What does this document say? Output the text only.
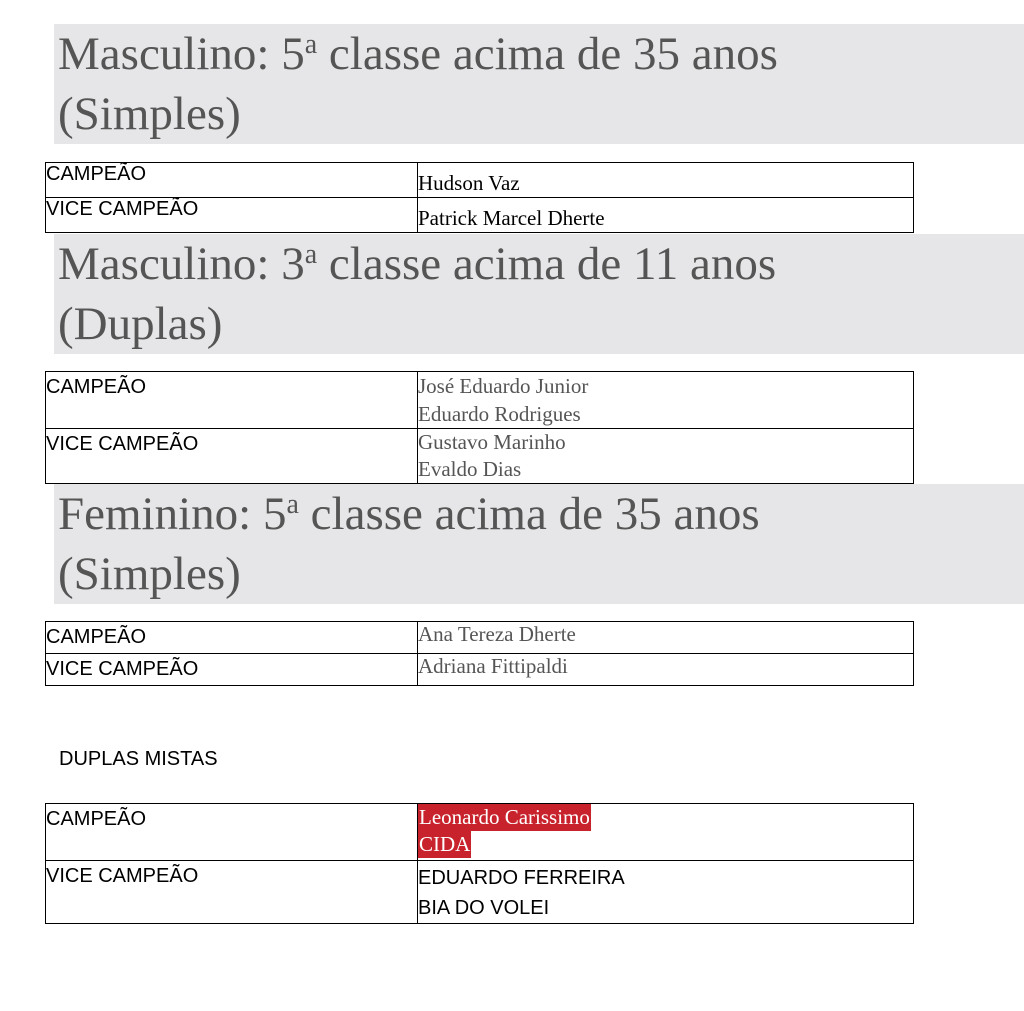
Masculino: 5$^a$ classe acima de 35 anos
(Simples)
CAMPEÃO	Hudson Vaz

VICE CAMPEÃO	Patrick Marcel Dherte
Masculino: 3$^a$ classe acima de 11 anos
(Duplas)
CAMPEÃO	José Eduardo Junior
Eduardo Rodrigues

VICE CAMPEÃO	Gustavo Marinho
Evaldo Dias
Feminino: 5$^a$ classe acima de 35 anos
(Simples)
CAMPEÃO	Ana Tereza Dherte

VICE CAMPEÃO	Adriana Fittipaldi
DUPLAS MISTAS
CAMPEÃO	Leonardo Carissimo
CIDA

VICE CAMPEÃO	EDUARDO FERREIRA
BIA DO VOLEI
